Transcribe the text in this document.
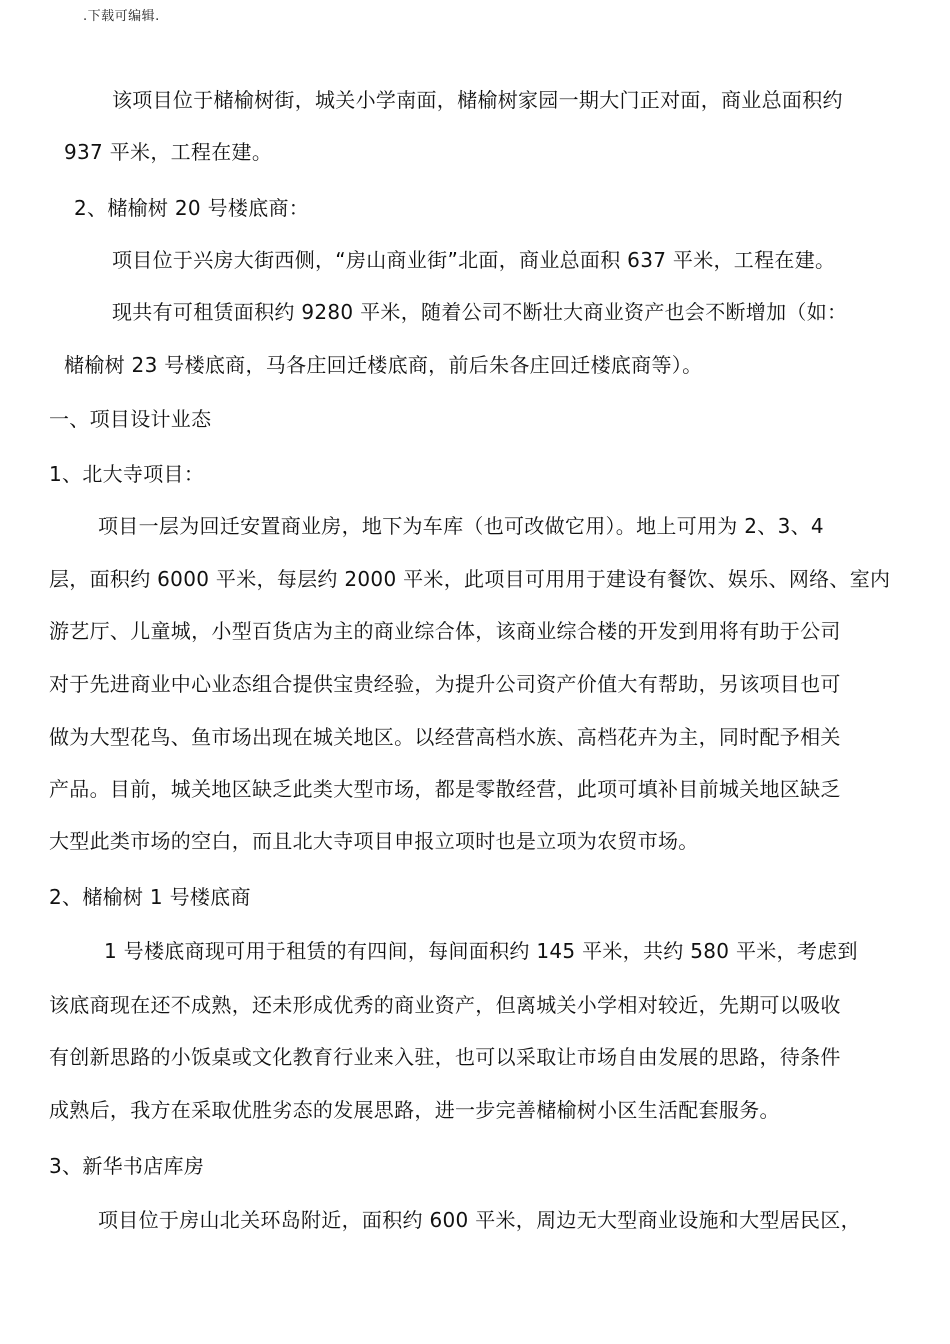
.下载可编辑.
该项目位于槠榆树街，城关小学南面，槠榆树家园一期大门正对面，商业总面积约
937 平米，工程在建。
2、槠榆树 20 号楼底商：
项目位于兴房大街西侧，“房山商业街”北面，商业总面积 637 平米，工程在建。
现共有可租赁面积约 9280 平米，随着公司不断壮大商业资产也会不断增加（如：
槠榆树 23 号楼底商，马各庄回迁楼底商，前后朱各庄回迁楼底商等）。
一、项目设计业态
1、北大寺项目：
项目一层为回迁安置商业房，地下为车库（也可改做它用）。地上可用为 2、3、4
层，面积约 6000 平米，每层约 2000 平米，此项目可用用于建设有餐饮、娱乐、网络、室内
游艺厅、儿童城，小型百货店为主的商业综合体，该商业综合楼的开发到用将有助于公司
对于先进商业中心业态组合提供宝贵经验，为提升公司资产价值大有帮助，另该项目也可
做为大型花鸟、鱼市场出现在城关地区。以经营高档水族、高档花卉为主，同时配予相关
产品。目前，城关地区缺乏此类大型市场，都是零散经营，此项可填补目前城关地区缺乏
大型此类市场的空白，而且北大寺项目申报立项时也是立项为农贸市场。
2、槠榆树 1 号楼底商
1 号楼底商现可用于租赁的有四间，每间面积约 145 平米，共约 580 平米，考虑到
该底商现在还不成熟，还未形成优秀的商业资产，但离城关小学相对较近，先期可以吸收
有创新思路的小饭桌或文化教育行业来入驻，也可以采取让市场自由发展的思路，待条件
成熟后，我方在采取优胜劣态的发展思路，进一步完善槠榆树小区生活配套服务。
3、新华书店库房
项目位于房山北关环岛附近，面积约 600 平米，周边无大型商业设施和大型居民区，
